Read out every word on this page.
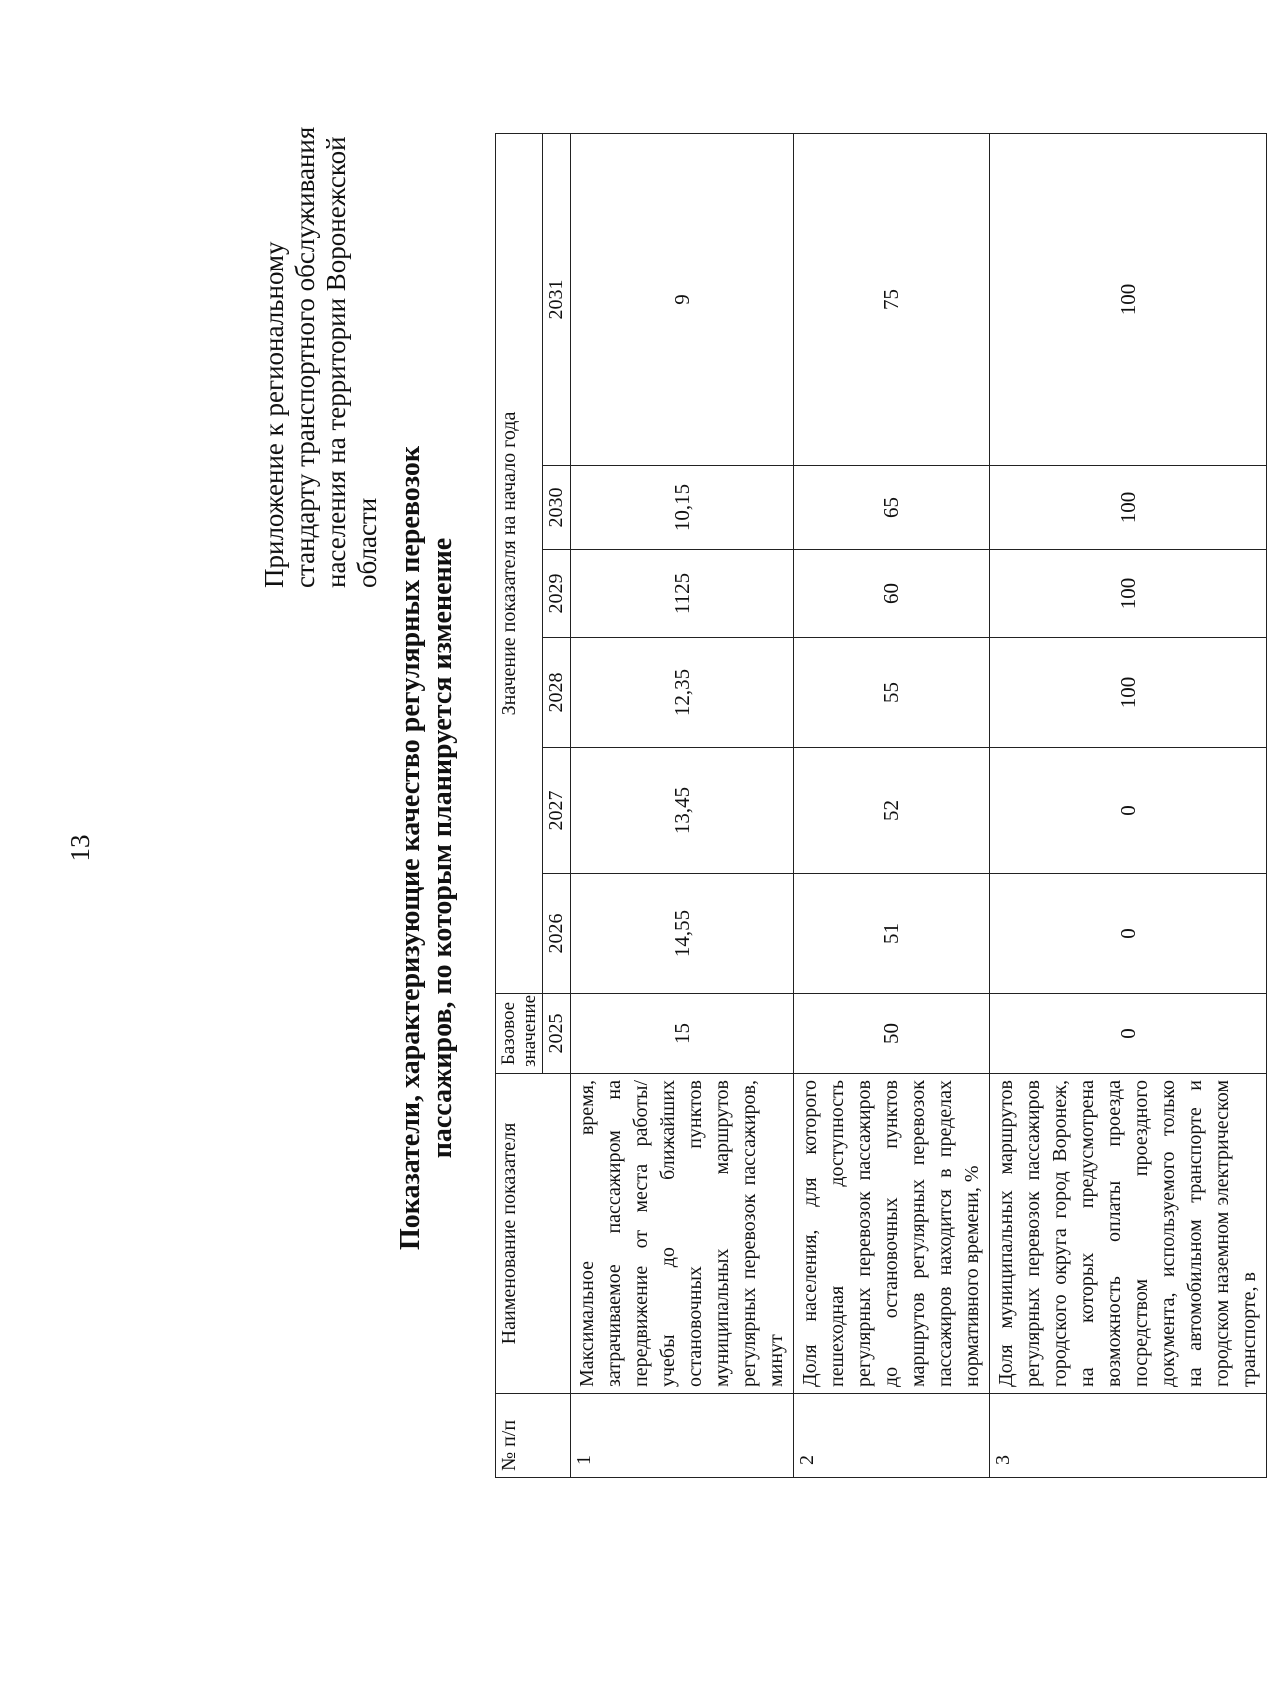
13
Приложение к региональному стандарту транспортного обслуживания населения на территории Воронежской области Показатели, характеризующие качество регулярных перевозок пассажиров, по которым планируется изменение
№ п/п	Наименование показателя	Базовое значение	Значение показателя на начало года					
		2025	2026	2027	2028	2029	2030	2031
1	Максимальное время, затрачиваемое пассажиром на передвижение от места работы/учебы до ближайших остановочных пунктов муниципальных маршрутов регулярных перевозок пассажиров, минут	15	14,55	13,45	12,35	1125	10,15	9
2	Доля населения, для которого пешеходная доступность регулярных перевозок пассажиров до остановочных пунктов маршрутов регулярных перевозок пассажиров находится в пределах нормативного времени, %	50	51	52	55	60	65	75
3	Доля муниципальных маршрутов регулярных перевозок пассажиров городского округа город Воронеж, на которых предусмотрена возможность оплаты проезда посредством проездного документа, используемого только на автомобильном транспорте и городском наземном электрическом транспорте, в	0	0	0	100	100	100	100
